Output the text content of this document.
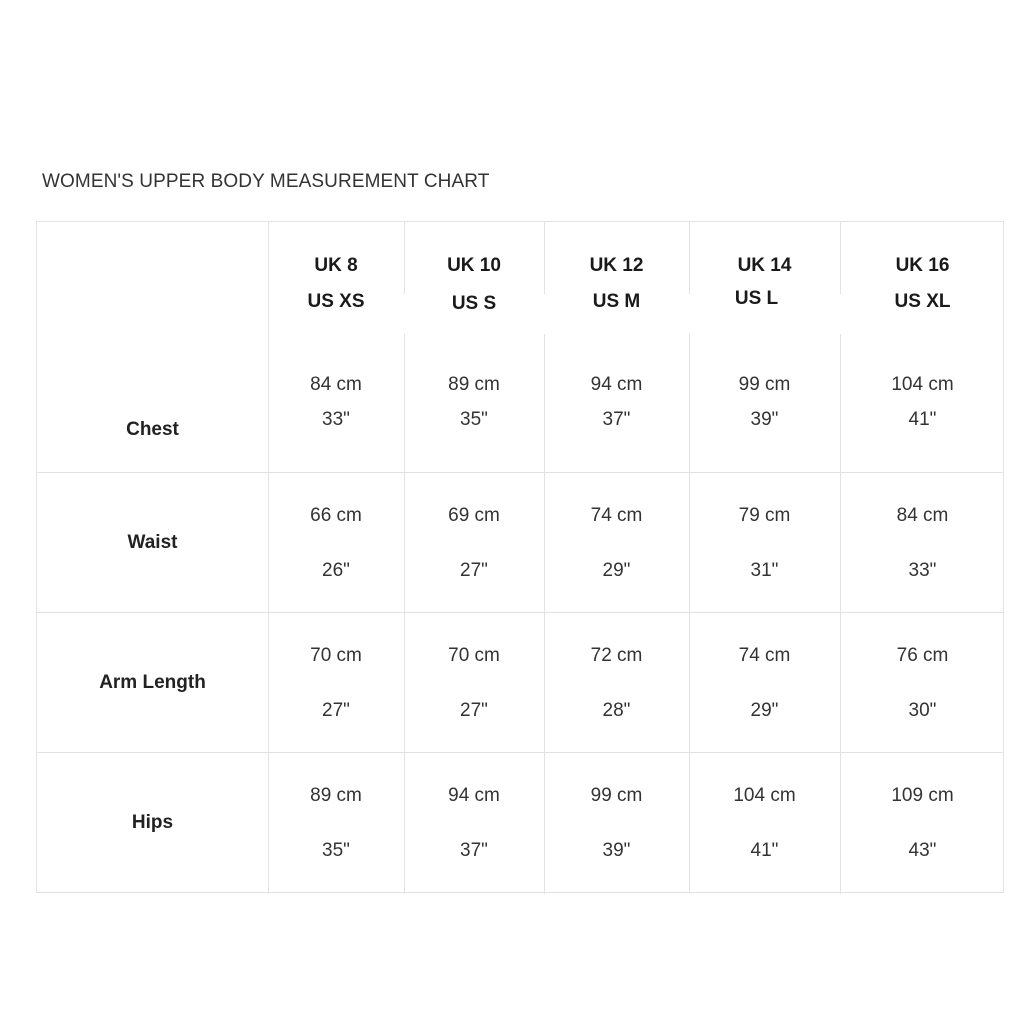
WOMEN'S UPPER BODY MEASUREMENT CHART
UK 8
US XS
UK 10
US S
UK 12
US M
UK 14
US L
UK 16
US XL
Chest
Waist
Arm Length
Hips
84 cm
33"
89 cm
35"
94 cm
37"
99 cm
39"
104 cm
41"
66 cm
26"
69 cm
27"
74 cm
29"
79 cm
31"
84 cm
33"
70 cm
27"
70 cm
27"
72 cm
28"
74 cm
29"
76 cm
30"
89 cm
35"
94 cm
37"
99 cm
39"
104 cm
41"
109 cm
43"
